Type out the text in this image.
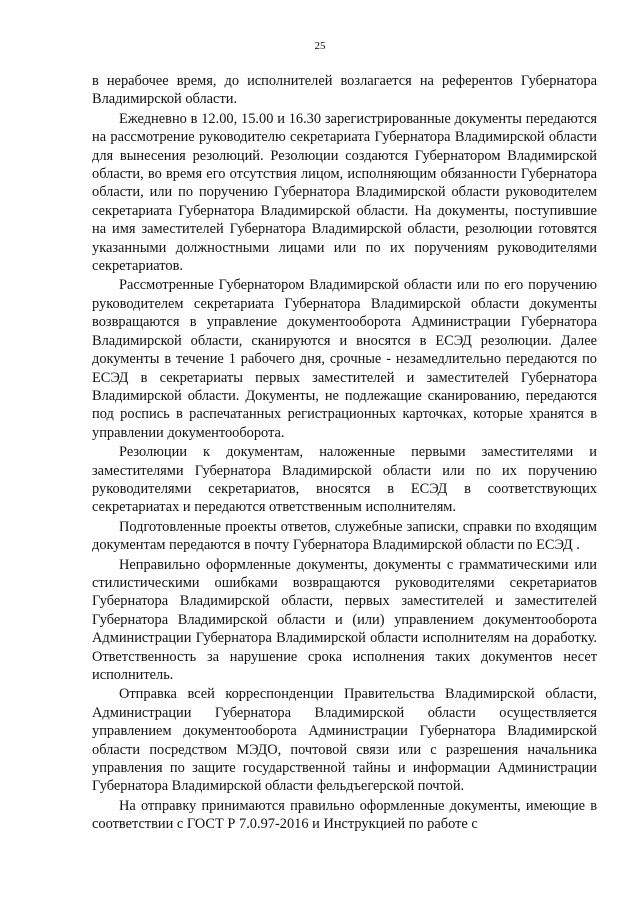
25

в нерабочее время, до исполнителей возлагается на референтов Губернатора Владимирской области.

Ежедневно в 12.00, 15.00 и 16.30 зарегистрированные документы передаются на рассмотрение руководителю секретариата Губернатора Владимирской области для вынесения резолюций. Резолюции создаются Губернатором Владимирской области, во время его отсутствия лицом, исполняющим обязанности Губернатора области, или по поручению Губернатора Владимирской области руководителем секретариата Губернатора Владимирской области. На документы, поступившие на имя заместителей Губернатора Владимирской области, резолюции готовятся указанными должностными лицами или по их поручениям руководителями секретариатов.

Рассмотренные Губернатором Владимирской области или по его поручению руководителем секретариата Губернатора Владимирской области документы возвращаются в управление документооборота Администрации Губернатора Владимирской области, сканируются и вносятся в ЕСЭД резолюции. Далее документы в течение 1 рабочего дня, срочные - незамедлительно передаются по ЕСЭД в секретариаты первых заместителей и заместителей Губернатора Владимирской области. Документы, не подлежащие сканированию, передаются под роспись в распечатанных регистрационных карточках, которые хранятся в управлении документооборота.

Резолюции к документам, наложенные первыми заместителями и заместителями Губернатора Владимирской области или по их поручению руководителями секретариатов, вносятся в ЕСЭД в соответствующих секретариатах и передаются ответственным исполнителям.

Подготовленные проекты ответов, служебные записки, справки по входящим документам передаются в почту Губернатора Владимирской области по ЕСЭД .

Неправильно оформленные документы, документы с грамматическими или стилистическими ошибками возвращаются руководителями секретариатов Губернатора Владимирской области, первых заместителей и заместителей Губернатора Владимирской области и (или) управлением документооборота Администрации Губернатора Владимирской области исполнителям на доработку. Ответственность за нарушение срока исполнения таких документов несет исполнитель.

Отправка всей корреспонденции Правительства Владимирской области, Администрации Губернатора Владимирской области осуществляется управлением документооборота Администрации Губернатора Владимирской области посредством МЭДО, почтовой связи или с разрешения начальника управления по защите государственной тайны и информации Администрации Губернатора Владимирской области фельдъегерской почтой.

На отправку принимаются правильно оформленные документы, имеющие в соответствии с ГОСТ Р 7.0.97-2016 и Инструкцией по работе с
